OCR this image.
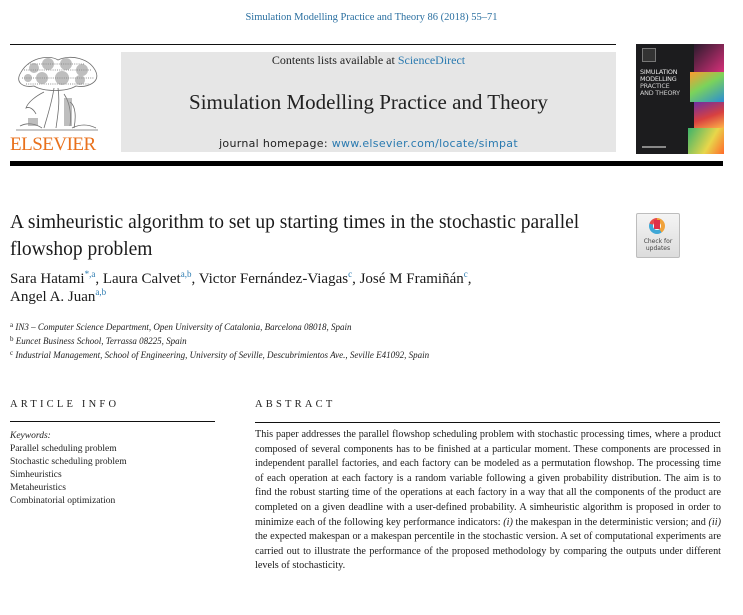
Simulation Modelling Practice and Theory 86 (2018) 55–71
ELSEVIER
Contents lists available at ScienceDirect
Simulation Modelling Practice and Theory
journal homepage: www.elsevier.com/locate/simpat
SIMULATION
MODELLING
PRACTICE
AND THEORY
A simheuristic algorithm to set up starting times in the stochastic parallel flowshop problem	Check for
updates
Sara Hatami$^{*,a}$, Laura Calvet$^{a,b}$, Victor Fernández-Viagas$^c$, José M Framiñán$^c$,
Angel A. Juan$^{a,b}$
$^a$ IN3 – Computer Science Department, Open University of Catalonia, Barcelona 08018, Spain
$^b$ Euncet Business School, Terrassa 08225, Spain
$^c$ Industrial Management, School of Engineering, University of Seville, Descubrimientos Ave., Seville E41092, Spain
ARTICLE INFO
Keywords:
Parallel scheduling problem
Stochastic scheduling problem
Simheuristics
Metaheuristics
Combinatorial optimization
ABSTRACT
This paper addresses the parallel flowshop scheduling problem with stochastic processing times, where a product composed of several components has to be finished at a particular moment. These components are processed in independent parallel factories, and each factory can be modeled as a permutation flowshop. The processing time of each operation at each factory is a random variable following a given probability distribution. The aim is to find the robust starting time of the operations at each factory in a way that all the components of the product are completed on a given deadline with a user-defined probability. A simheuristic algorithm is proposed in order to minimize each of the following key performance indicators: (i) the makespan in the deterministic version; and (ii) the expected makespan or a makespan percentile in the stochastic version. A set of computational experiments are carried out to illustrate the performance of the proposed methodology by comparing the outputs under different levels of stochasticity.
